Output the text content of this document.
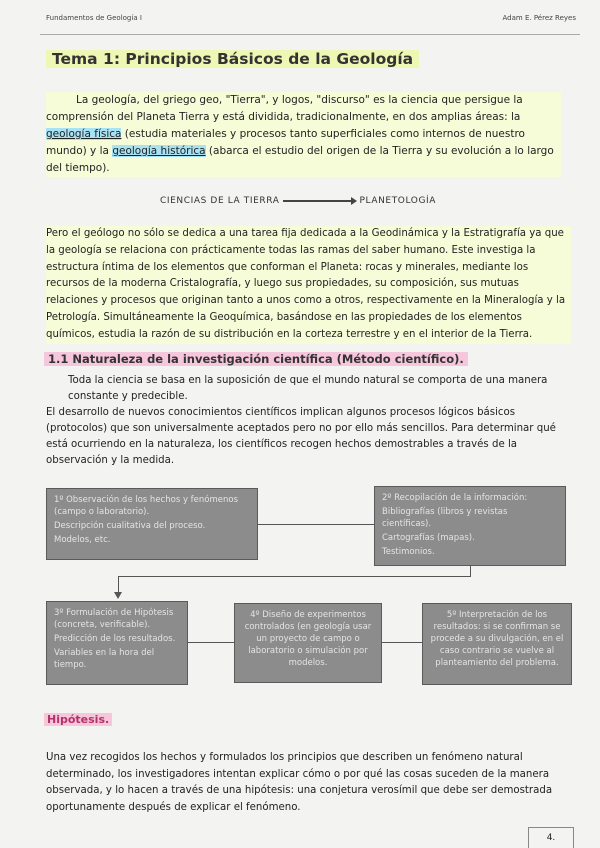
Fundamentos de Geología I	Adam E. Pérez Reyes
Tema 1: Principios Básicos de la Geología
La geología, del griego geo, "Tierra", y logos, "discurso" es la ciencia que persigue la comprensión del Planeta Tierra y está dividida, tradicionalmente, en dos amplias áreas: la geología física (estudia materiales y procesos tanto superficiales como internos de nuestro mundo) y la geología histórica (abarca el estudio del origen de la Tierra y su evolución a lo largo del tiempo).
CIENCIAS DE LA TIERRA	PLANETOLOGÍA
Pero el geólogo no sólo se dedica a una tarea fija dedicada a la Geodinámica y la Estratigrafía ya que la geología se relaciona con prácticamente todas las ramas del saber humano. Este investiga la estructura íntima de los elementos que conforman el Planeta: rocas y minerales, mediante los recursos de la moderna Cristalografía, y luego sus propiedades, su composición, sus mutuas relaciones y procesos que originan tanto a unos como a otros, respectivamente en la Mineralogía y la Petrología. Simultáneamente la Geoquímica, basándose en las propiedades de los elementos químicos, estudia la razón de su distribución en la corteza terrestre y en el interior de la Tierra.
1.1 Naturaleza de la investigación científica (Método científico).
Toda la ciencia se basa en la suposición de que el mundo natural se comporta de una manera constante y predecible.
El desarrollo de nuevos conocimientos científicos implican algunos procesos lógicos básicos (protocolos) que son universalmente aceptados pero no por ello más sencillos. Para determinar qué está ocurriendo en la naturaleza, los científicos recogen hechos demostrables a través de la observación y la medida.
1º Observación de los hechos y fenómenos (campo o laboratorio).
Descripción cualitativa del proceso.
Modelos, etc.
2º Recopilación de la información:
Bibliografías (libros y revistas científicas).
Cartografías (mapas).
Testimonios.
3º Formulación de Hipótesis (concreta, verificable).
Predicción de los resultados.
Variables en la hora del tiempo.
4º Diseño de experimentos controlados (en geología usar un proyecto de campo o laboratorio o simulación por modelos.
5º Interpretación de los resultados: si se confirman se procede a su divulgación, en el caso contrario se vuelve al planteamiento del problema.
Hipótesis.
Una vez recogidos los hechos y formulados los principios que describen un fenómeno natural determinado, los investigadores intentan explicar cómo o por qué las cosas suceden de la manera observada, y lo hacen a través de una hipótesis: una conjetura verosímil que debe ser demostrada oportunamente después de explicar el fenómeno.
4.
